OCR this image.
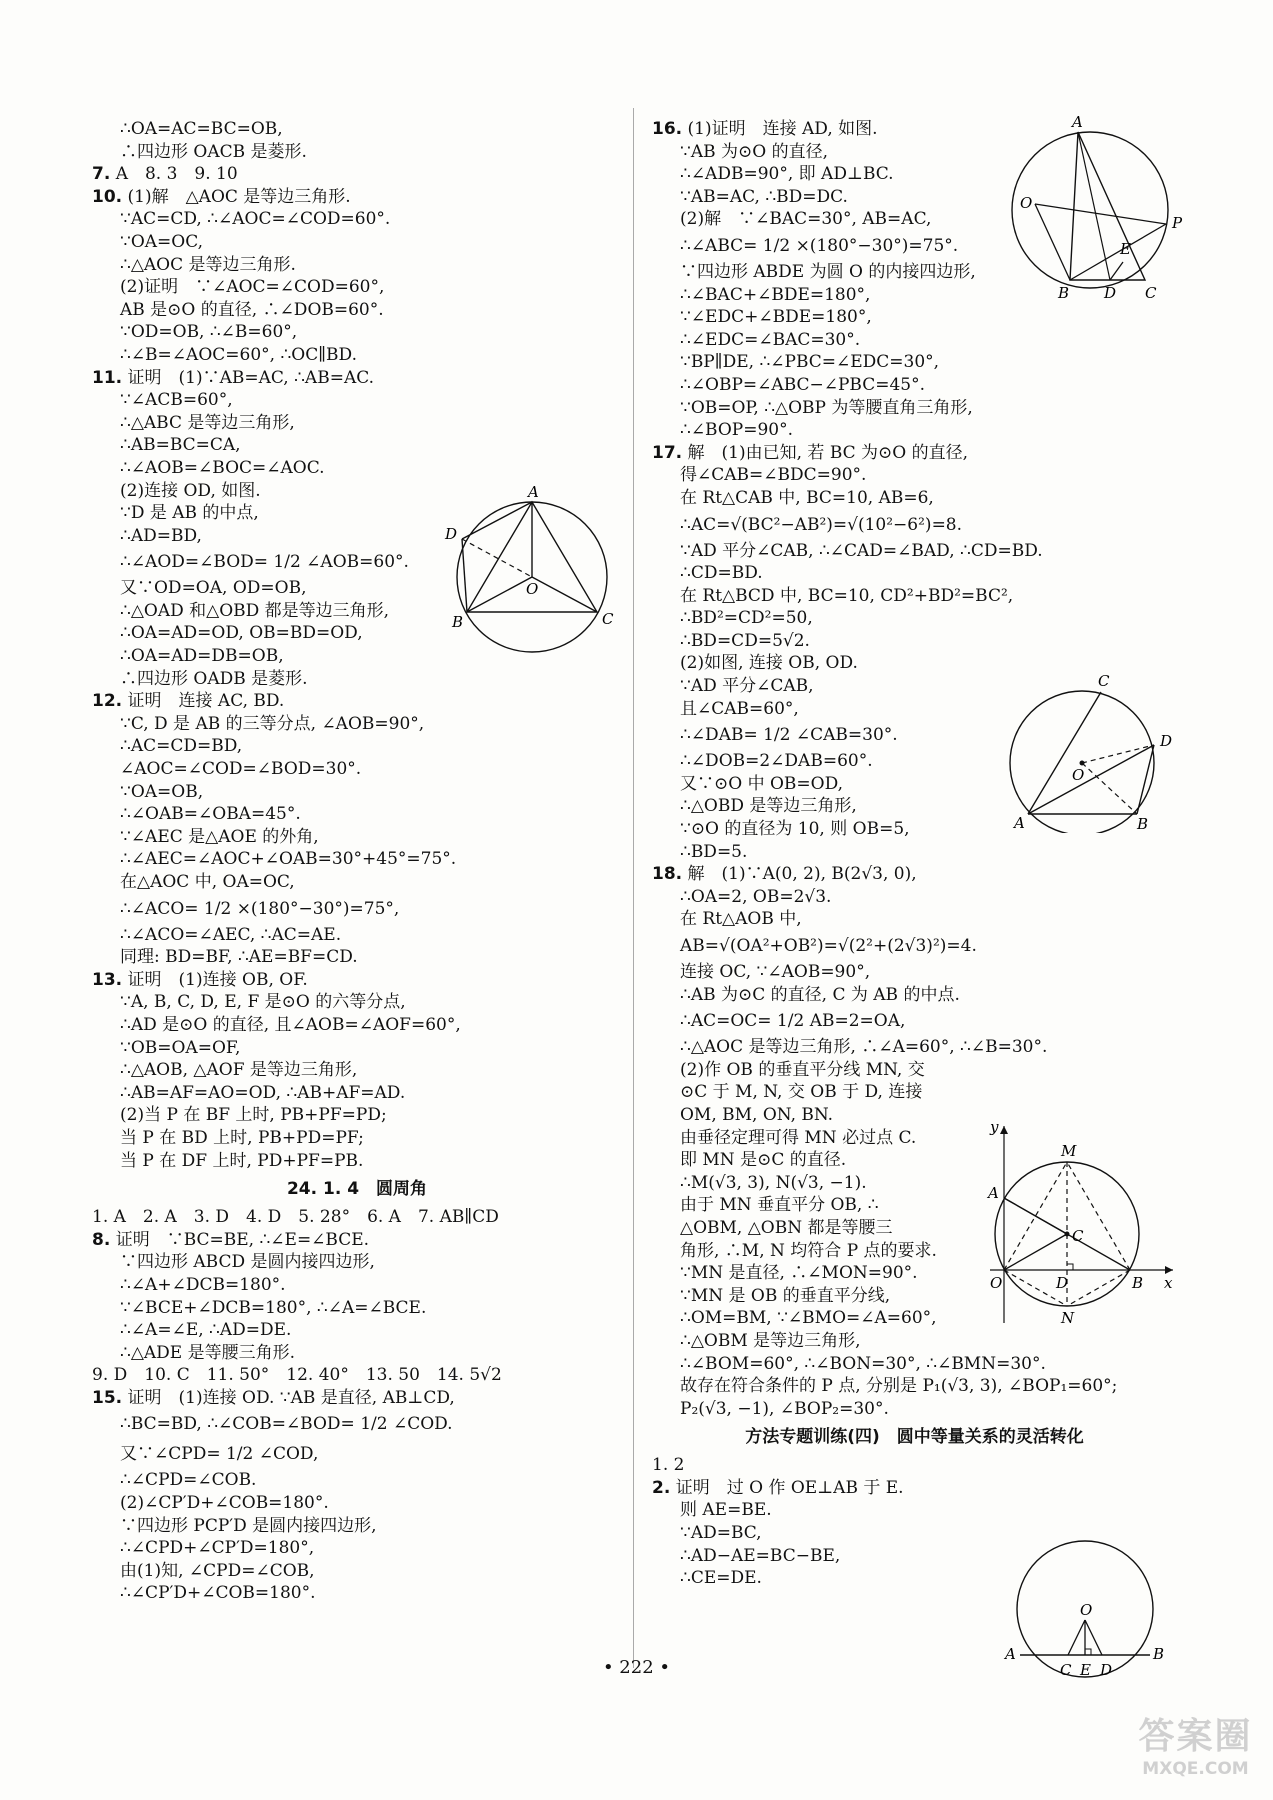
∴OA=AC=BC=OB,
∴四边形 OACB 是菱形.
7. A　8. 3　9. 10
10. (1)解　△AOC 是等边三角形.
∵AC=CD, ∴∠AOC=∠COD=60°.
∵OA=OC,
∴△AOC 是等边三角形.
(2)证明　∵∠AOC=∠COD=60°,
AB 是⊙O 的直径, ∴∠DOB=60°.
∵OD=OB, ∴∠B=60°,
∴∠B=∠AOC=60°, ∴OC∥BD.
11. 证明　(1)∵AB=AC, ∴AB=AC.
∵∠ACB=60°,
∴△ABC 是等边三角形,
∴AB=BC=CA,
∴∠AOB=∠BOC=∠AOC.
(2)连接 OD, 如图.
∵D 是 AB 的中点,
∴AD=BD,
∴∠AOD=∠BOD= 1/2 ∠AOB=60°.
又∵OD=OA, OD=OB,
∴△OAD 和△OBD 都是等边三角形,
∴OA=AD=OD, OB=BD=OD,
∴OA=AD=DB=OB,
∴四边形 OADB 是菱形.
12. 证明　连接 AC, BD.
∵C, D 是 AB 的三等分点, ∠AOB=90°,
∴AC=CD=BD,
∠AOC=∠COD=∠BOD=30°.
∵OA=OB,
∴∠OAB=∠OBA=45°.
∵∠AEC 是△AOE 的外角,
∴∠AEC=∠AOC+∠OAB=30°+45°=75°.
在△AOC 中, OA=OC,
∴∠ACO= 1/2 ×(180°−30°)=75°,
∴∠ACO=∠AEC, ∴AC=AE.
同理: BD=BF, ∴AE=BF=CD.
13. 证明　(1)连接 OB, OF.
∵A, B, C, D, E, F 是⊙O 的六等分点,
∴AD 是⊙O 的直径, 且∠AOB=∠AOF=60°,
∵OB=OA=OF,
∴△AOB, △AOF 是等边三角形,
∴AB=AF=AO=OD, ∴AB+AF=AD.
(2)当 P 在 BF 上时, PB+PF=PD;
当 P 在 BD 上时, PB+PD=PF;
当 P 在 DF 上时, PD+PF=PB.
24. 1. 4　圆周角
1. A　2. A　3. D　4. D　5. 28°　6. A　7. AB∥CD
8. 证明　∵BC=BE, ∴∠E=∠BCE.
∵四边形 ABCD 是圆内接四边形,
∴∠A+∠DCB=180°.
∵∠BCE+∠DCB=180°, ∴∠A=∠BCE.
∴∠A=∠E, ∴AD=DE.
∴△ADE 是等腰三角形.
9. D　10. C　11. 50°　12. 40°　13. 50　14. 5√2
15. 证明　(1)连接 OD. ∵AB 是直径, AB⊥CD,
∴BC=BD, ∴∠COB=∠BOD= 1/2 ∠COD.
又∵∠CPD= 1/2 ∠COD,
∴∠CPD=∠COB.
(2)∠CP′D+∠COB=180°.
∵四边形 PCP′D 是圆内接四边形,
∴∠CPD+∠CP′D=180°,
由(1)知, ∠CPD=∠COB,
∴∠CP′D+∠COB=180°.
16. (1)证明　连接 AD, 如图.
∵AB 为⊙O 的直径,
∴∠ADB=90°, 即 AD⊥BC.
∵AB=AC, ∴BD=DC.
(2)解　∵∠BAC=30°, AB=AC,
∴∠ABC= 1/2 ×(180°−30°)=75°.
∵四边形 ABDE 为圆 O 的内接四边形,
∴∠BAC+∠BDE=180°,
∵∠EDC+∠BDE=180°,
∴∠EDC=∠BAC=30°.
∵BP∥DE, ∴∠PBC=∠EDC=30°,
∴∠OBP=∠ABC−∠PBC=45°.
∵OB=OP, ∴△OBP 为等腰直角三角形,
∴∠BOP=90°.
17. 解　(1)由已知, 若 BC 为⊙O 的直径,
得∠CAB=∠BDC=90°.
在 Rt△CAB 中, BC=10, AB=6,
∴AC=√(BC²−AB²)=√(10²−6²)=8.
∵AD 平分∠CAB, ∴∠CAD=∠BAD, ∴CD=BD.
∴CD=BD.
在 Rt△BCD 中, BC=10, CD²+BD²=BC²,
∴BD²=CD²=50,
∴BD=CD=5√2.
(2)如图, 连接 OB, OD.
∵AD 平分∠CAB,
且∠CAB=60°,
∴∠DAB= 1/2 ∠CAB=30°.
∴∠DOB=2∠DAB=60°.
又∵⊙O 中 OB=OD,
∴△OBD 是等边三角形,
∵⊙O 的直径为 10, 则 OB=5,
∴BD=5.
18. 解　(1)∵A(0, 2), B(2√3, 0),
∴OA=2, OB=2√3.
在 Rt△AOB 中,
AB=√(OA²+OB²)=√(2²+(2√3)²)=4.
连接 OC, ∵∠AOB=90°,
∴AB 为⊙C 的直径, C 为 AB 的中点.
∴AC=OC= 1/2 AB=2=OA,
∴△AOC 是等边三角形, ∴∠A=60°, ∴∠B=30°.
(2)作 OB 的垂直平分线 MN, 交
⊙C 于 M, N, 交 OB 于 D, 连接
OM, BM, ON, BN.
由垂径定理可得 MN 必过点 C.
即 MN 是⊙C 的直径.
∴M(√3, 3), N(√3, −1).
由于 MN 垂直平分 OB, ∴
△OBM, △OBN 都是等腰三
角形, ∴M, N 均符合 P 点的要求.
∵MN 是直径, ∴∠MON=90°.
∵MN 是 OB 的垂直平分线,
∴OM=BM, ∵∠BMO=∠A=60°,
∴△OBM 是等边三角形,
∴∠BOM=60°, ∴∠BON=30°, ∴∠BMN=30°.
故存在符合条件的 P 点, 分别是 P₁(√3, 3), ∠BOP₁=60°;
P₂(√3, −1), ∠BOP₂=30°.
方法专题训练(四)　圆中等量关系的灵活转化
1. 2
2. 证明　过 O 作 OE⊥AB 于 E.
则 AE=BE.
∵AD=BC,
∴AD−AE=BC−BE,
∴CE=DE.
A
B	C
D
O
A
B	C
D
E
O
P
A	B
C
D
O
y
M
A
C
O	D	B x
N
O
A
C E D
B
• 222 •
答案圈
MXQE.COM
